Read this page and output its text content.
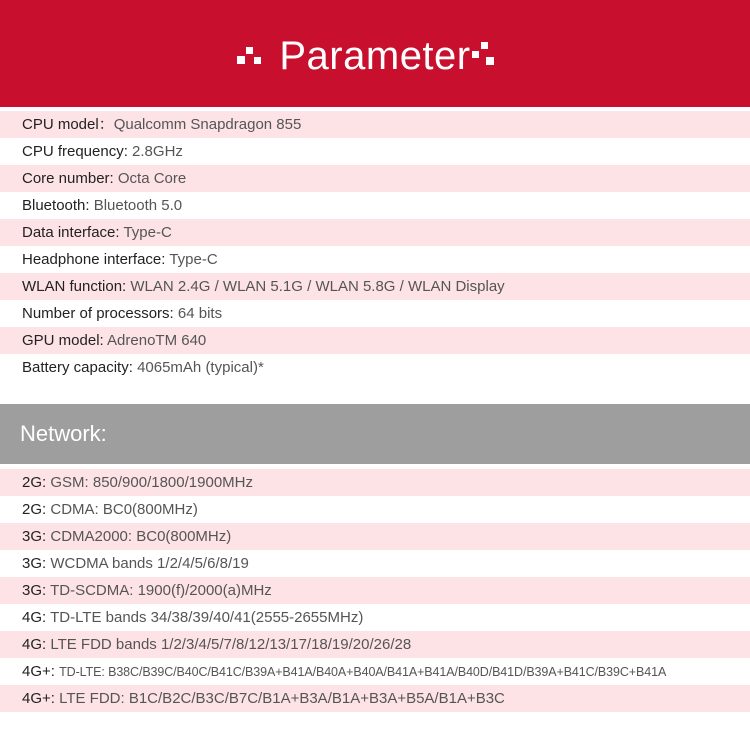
Parameter
CPU model：Qualcomm Snapdragon 855
CPU frequency: 2.8GHz
Core number: Octa Core
Bluetooth: Bluetooth 5.0
Data interface: Type-C
Headphone interface: Type-C
WLAN function: WLAN 2.4G / WLAN 5.1G / WLAN 5.8G / WLAN Display
Number of processors: 64 bits
GPU model: AdrenoTM 640
Battery capacity: 4065mAh (typical)*
Network:
2G: GSM: 850/900/1800/1900MHz
2G: CDMA: BC0(800MHz)
3G: CDMA2000: BC0(800MHz)
3G: WCDMA bands 1/2/4/5/6/8/19
3G: TD-SCDMA: 1900(f)/2000(a)MHz
4G: TD-LTE bands 34/38/39/40/41(2555-2655MHz)
4G: LTE FDD bands 1/2/3/4/5/7/8/12/13/17/18/19/20/26/28
4G+: TD-LTE: B38C/B39C/B40C/B41C/B39A+B41A/B40A+B40A/B41A+B41A/B40D/B41D/B39A+B41C/B39C+B41A
4G+: LTE FDD: B1C/B2C/B3C/B7C/B1A+B3A/B1A+B3A+B5A/B1A+B3C
